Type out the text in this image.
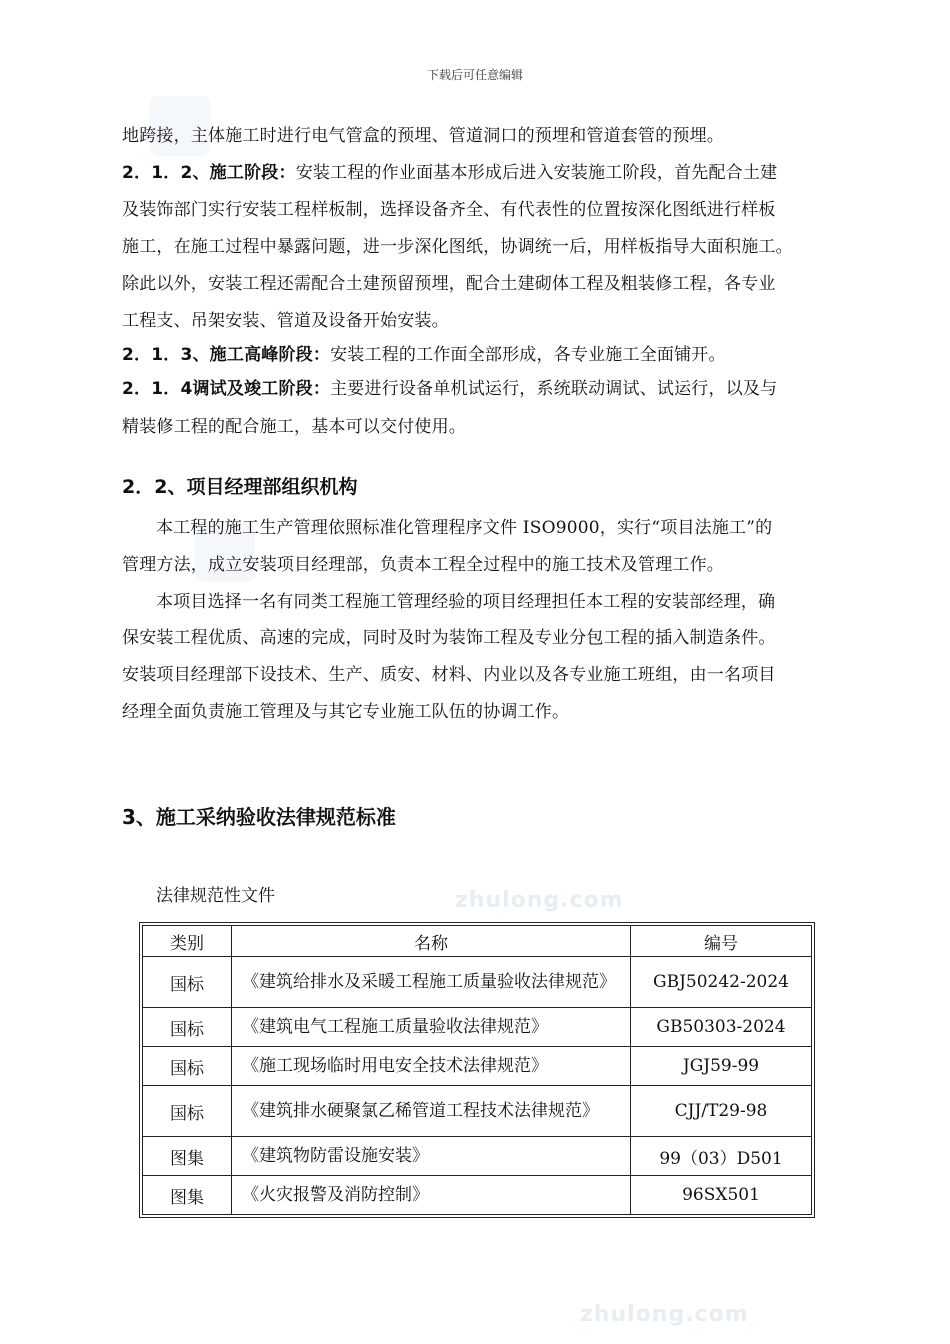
zhulong.com
zhulong.com
下载后可任意编辑
地跨接，主体施工时进行电气管盒的预埋、管道洞口的预埋和管道套管的预埋。
2．1．2、施工阶段：安装工程的作业面基本形成后进入安装施工阶段，首先配合土建
及装饰部门实行安装工程样板制，选择设备齐全、有代表性的位置按深化图纸进行样板
施工，在施工过程中暴露问题，进一步深化图纸，协调统一后，用样板指导大面积施工。
除此以外，安装工程还需配合土建预留预埋，配合土建砌体工程及粗装修工程，各专业
工程支、吊架安装、管道及设备开始安装。
2．1．3、施工高峰阶段：安装工程的工作面全部形成，各专业施工全面铺开。
2．1．4调试及竣工阶段：主要进行设备单机试运行，系统联动调试、试运行，以及与
精装修工程的配合施工，基本可以交付使用。
2．2、项目经理部组织机构
本工程的施工生产管理依照标准化管理程序文件 ISO9000，实行“项目法施工”的
管理方法，成立安装项目经理部，负责本工程全过程中的施工技术及管理工作。
本项目选择一名有同类工程施工管理经验的项目经理担任本工程的安装部经理，确
保安装工程优质、高速的完成，同时及时为装饰工程及专业分包工程的插入制造条件。
安装项目经理部下设技术、生产、质安、材料、内业以及各专业施工班组，由一名项目
经理全面负责施工管理及与其它专业施工队伍的协调工作。
3、施工采纳验收法律规范标准
法律规范性文件
类别	名称	编号
国标	《建筑给排水及采暖工程施工质量验收法律规范》	GBJ50242-2024
国标	《建筑电气工程施工质量验收法律规范》	GB50303-2024
国标	《施工现场临时用电安全技术法律规范》	JGJ59-99
国标	《建筑排水硬聚氯乙稀管道工程技术法律规范》	CJJ/T29-98
图集	《建筑物防雷设施安装》	99（03）D501
图集	《火灾报警及消防控制》	96SX501
